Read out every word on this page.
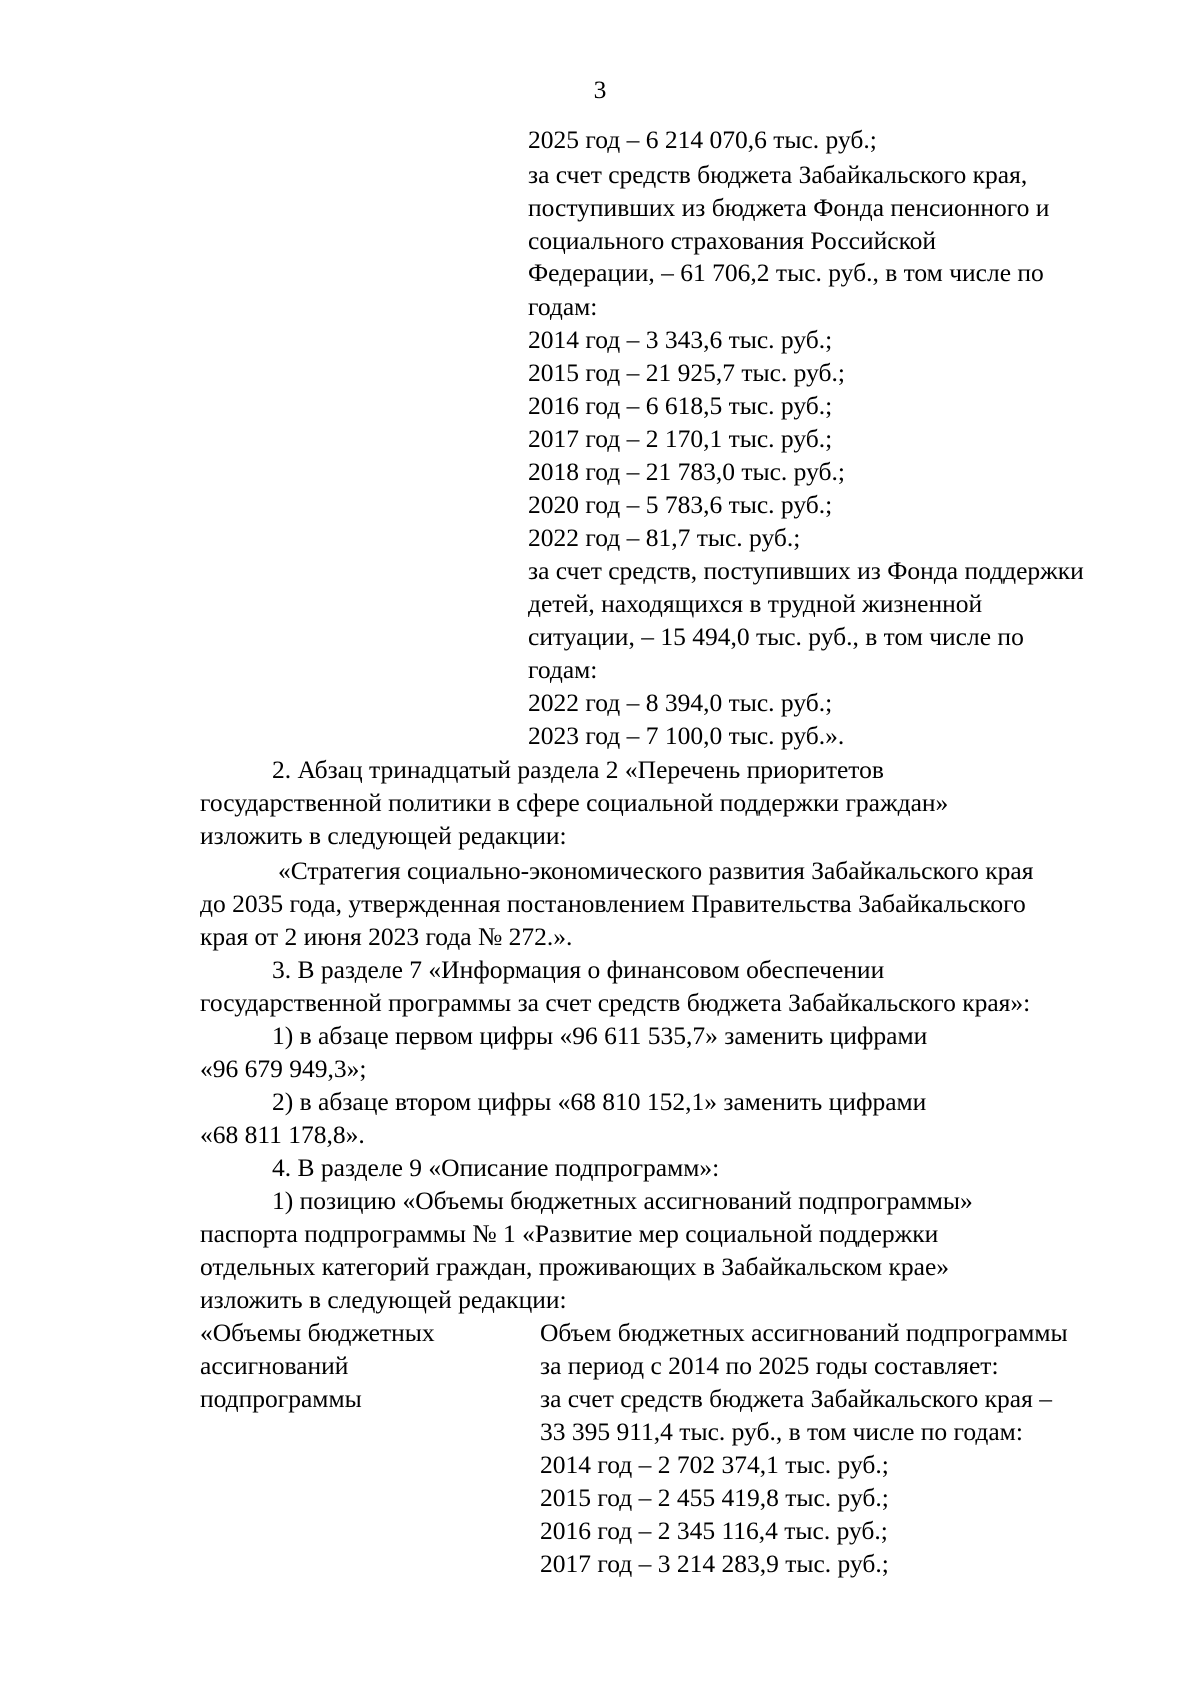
3
2025 год – 6 214 070,6 тыс. руб.;
за счет средств бюджета Забайкальского края,
поступивших из бюджета Фонда пенсионного и
социального страхования Российской
Федерации, – 61 706,2 тыс. руб., в том числе по
годам:
2014 год – 3 343,6 тыс. руб.;
2015 год – 21 925,7 тыс. руб.;
2016 год – 6 618,5 тыс. руб.;
2017 год – 2 170,1 тыс. руб.;
2018 год – 21 783,0 тыс. руб.;
2020 год – 5 783,6 тыс. руб.;
2022 год – 81,7 тыс. руб.;
за счет средств, поступивших из Фонда поддержки
детей, находящихся в трудной жизненной
ситуации, – 15 494,0 тыс. руб., в том числе по
годам:
2022 год – 8 394,0 тыс. руб.;
2023 год – 7 100,0 тыс. руб.».
2. Абзац тринадцатый раздела 2 «Перечень приоритетов
государственной политики в сфере социальной поддержки граждан»
изложить в следующей редакции:
«Стратегия социально-экономического развития Забайкальского края
до 2035 года, утвержденная постановлением Правительства Забайкальского
края от 2 июня 2023 года № 272.».
3. В разделе 7 «Информация о финансовом обеспечении
государственной программы за счет средств бюджета Забайкальского края»:
1) в абзаце первом цифры «96 611 535,7» заменить цифрами
«96 679 949,3»;
2) в абзаце втором цифры «68 810 152,1» заменить цифрами
«68 811 178,8».
4. В разделе 9 «Описание подпрограмм»:
1) позицию «Объемы бюджетных ассигнований подпрограммы»
паспорта подпрограммы № 1 «Развитие мер социальной поддержки
отдельных категорий граждан, проживающих в Забайкальском крае»
изложить в следующей редакции:
«Объемы бюджетных
ассигнований
подпрограммы
Объем бюджетных ассигнований подпрограммы
за период с 2014 по 2025 годы составляет:
за счет средств бюджета Забайкальского края –
33 395 911,4 тыс. руб., в том числе по годам:
2014 год – 2 702 374,1 тыс. руб.;
2015 год – 2 455 419,8 тыс. руб.;
2016 год – 2 345 116,4 тыс. руб.;
2017 год – 3 214 283,9 тыс. руб.;
